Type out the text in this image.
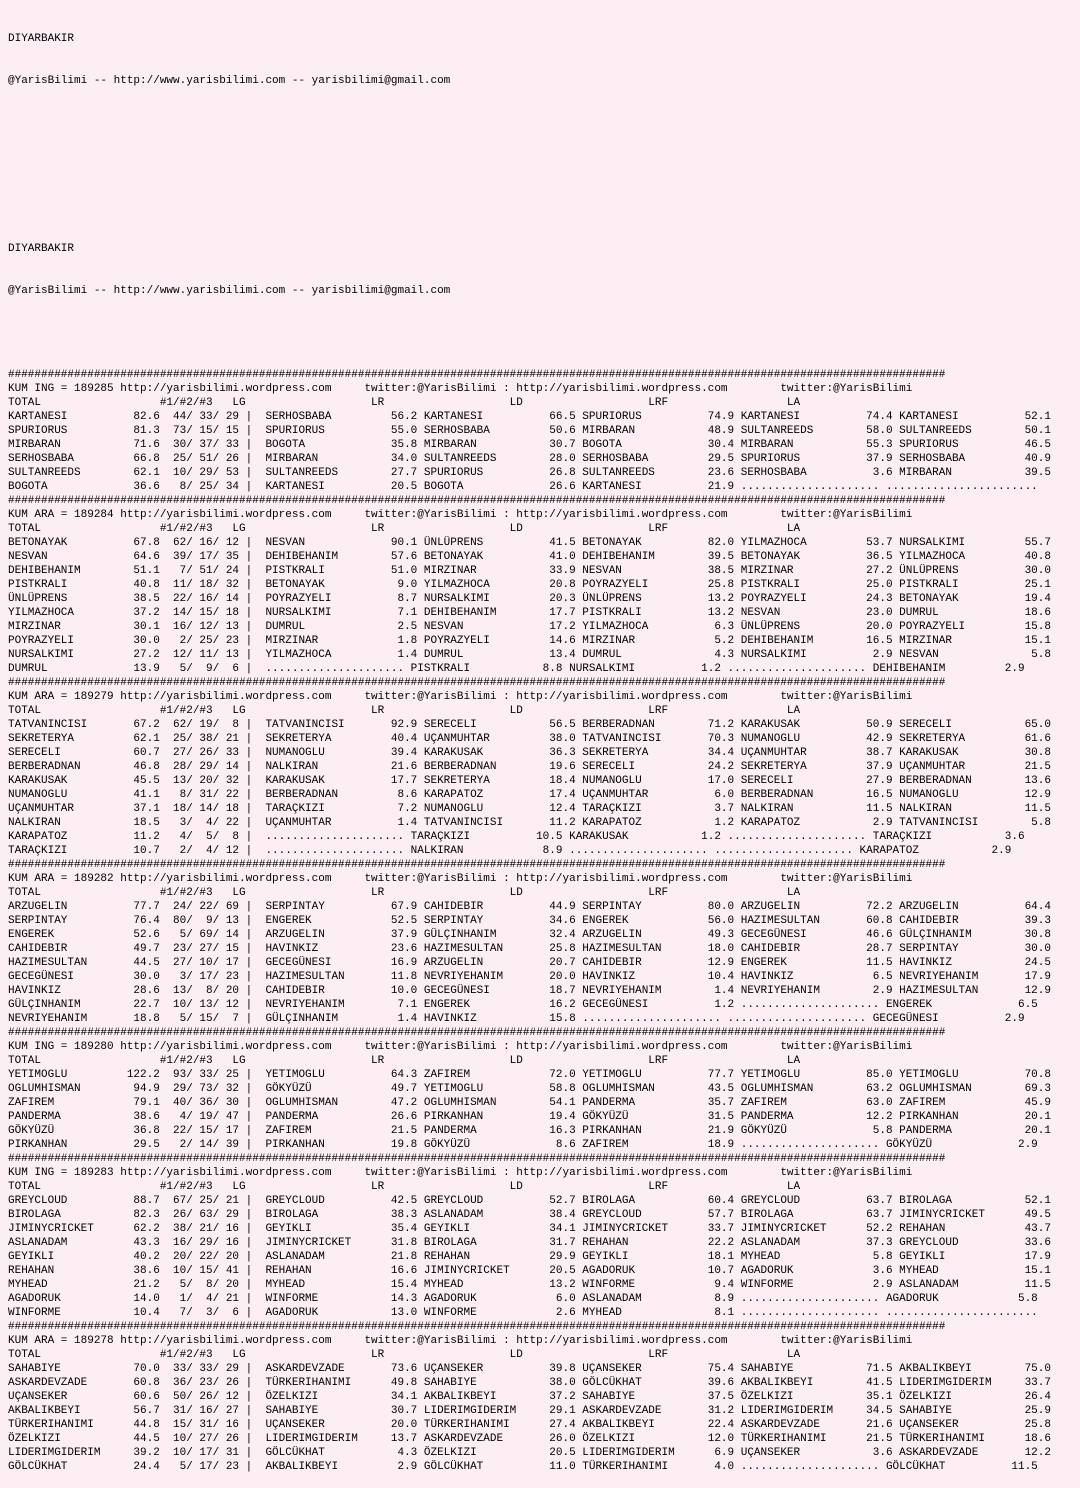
DIYARBAKIR

@YarisBilimi -- http://www.yarisbilimi.com -- yarisbilimi@gmail.com

DIYARBAKIR

@YarisBilimi -- http://www.yarisbilimi.com -- yarisbilimi@gmail.com

##############################################################################################################################################
KUM ING = 189285 http://yarisbilimi.wordpress.com     twitter:@YarisBilimi : http://yarisbilimi.wordpress.com        twitter:@YarisBilimi
TOTAL                  #1/#2/#3   LG                   LR                   LD                   LRF                  LA
KARTANESI          82.6  44/ 33/ 29 |  SERHOSBABA         56.2 KARTANESI          66.5 SPURIORUS          74.9 KARTANESI          74.4 KARTANESI          52.1
SPURIORUS          81.3  73/ 15/ 15 |  SPURIORUS          55.0 SERHOSBABA         50.6 MIRBARAN           48.9 SULTANREEDS        58.0 SULTANREEDS        50.1
MIRBARAN           71.6  30/ 37/ 33 |  BOGOTA             35.8 MIRBARAN           30.7 BOGOTA             30.4 MIRBARAN           55.3 SPURIORUS          46.5
SERHOSBABA         66.8  25/ 51/ 26 |  MIRBARAN           34.0 SULTANREEDS        28.0 SERHOSBABA         29.5 SPURIORUS          37.9 SERHOSBABA         40.9
SULTANREEDS        62.1  10/ 29/ 53 |  SULTANREEDS        27.7 SPURIORUS          26.8 SULTANREEDS        23.6 SERHOSBABA          3.6 MIRBARAN           39.5
BOGOTA             36.6   8/ 25/ 34 |  KARTANESI          20.5 BOGOTA             26.6 KARTANESI          21.9 ..................... .......................
##############################################################################################################################################
KUM ARA = 189284 http://yarisbilimi.wordpress.com     twitter:@YarisBilimi : http://yarisbilimi.wordpress.com        twitter:@YarisBilimi
TOTAL                  #1/#2/#3   LG                   LR                   LD                   LRF                  LA
BETONAYAK          67.8  62/ 16/ 12 |  NESVAN             90.1 ÜNLÜPRENS          41.5 BETONAYAK          82.0 YILMAZHOCA         53.7 NURSALKIMI         55.7
NESVAN             64.6  39/ 17/ 35 |  DEHIBEHANIM        57.6 BETONAYAK          41.0 DEHIBEHANIM        39.5 BETONAYAK          36.5 YILMAZHOCA         40.8
DEHIBEHANIM        51.1   7/ 51/ 24 |  PISTKRALI          51.0 MIRZINAR           33.9 NESVAN             38.5 MIRZINAR           27.2 ÜNLÜPRENS          30.0
PISTKRALI          40.8  11/ 18/ 32 |  BETONAYAK           9.0 YILMAZHOCA         20.8 POYRAZYELI         25.8 PISTKRALI          25.0 PISTKRALI          25.1
ÜNLÜPRENS          38.5  22/ 16/ 14 |  POYRAZYELI          8.7 NURSALKIMI         20.3 ÜNLÜPRENS          13.2 POYRAZYELI         24.3 BETONAYAK          19.4
YILMAZHOCA         37.2  14/ 15/ 18 |  NURSALKIMI          7.1 DEHIBEHANIM        17.7 PISTKRALI          13.2 NESVAN             23.0 DUMRUL             18.6
MIRZINAR           30.1  16/ 12/ 13 |  DUMRUL              2.5 NESVAN             17.2 YILMAZHOCA          6.3 ÜNLÜPRENS          20.0 POYRAZYELI         15.8
POYRAZYELI         30.0   2/ 25/ 23 |  MIRZINAR            1.8 POYRAZYELI         14.6 MIRZINAR            5.2 DEHIBEHANIM        16.5 MIRZINAR           15.1
NURSALKIMI         27.2  12/ 11/ 13 |  YILMAZHOCA          1.4 DUMRUL             13.4 DUMRUL              4.3 NURSALKIMI          2.9 NESVAN              5.8
DUMRUL             13.9   5/  9/  6 |  ..................... PISTKRALI           8.8 NURSALKIMI          1.2 ..................... DEHIBEHANIM         2.9
##############################################################################################################################################
KUM ARA = 189279 http://yarisbilimi.wordpress.com     twitter:@YarisBilimi : http://yarisbilimi.wordpress.com        twitter:@YarisBilimi
TOTAL                  #1/#2/#3   LG                   LR                   LD                   LRF                  LA
TATVANINCISI       67.2  62/ 19/  8 |  TATVANINCISI       92.9 SERECELI           56.5 BERBERADNAN        71.2 KARAKUSAK          50.9 SERECELI           65.0
SEKRETERYA         62.1  25/ 38/ 21 |  SEKRETERYA         40.4 UÇANMUHTAR         38.0 TATVANINCISI       70.3 NUMANOGLU          42.9 SEKRETERYA         61.6
SERECELI           60.7  27/ 26/ 33 |  NUMANOGLU          39.4 KARAKUSAK          36.3 SEKRETERYA         34.4 UÇANMUHTAR         38.7 KARAKUSAK          30.8
BERBERADNAN        46.8  28/ 29/ 14 |  NALKIRAN           21.6 BERBERADNAN        19.6 SERECELI           24.2 SEKRETERYA         37.9 UÇANMUHTAR         21.5
KARAKUSAK          45.5  13/ 20/ 32 |  KARAKUSAK          17.7 SEKRETERYA         18.4 NUMANOGLU          17.0 SERECELI           27.9 BERBERADNAN        13.6
NUMANOGLU          41.1   8/ 31/ 22 |  BERBERADNAN         8.6 KARAPATOZ          17.4 UÇANMUHTAR          6.0 BERBERADNAN        16.5 NUMANOGLU          12.9
UÇANMUHTAR         37.1  18/ 14/ 18 |  TARAÇKIZI           7.2 NUMANOGLU          12.4 TARAÇKIZI           3.7 NALKIRAN           11.5 NALKIRAN           11.5
NALKIRAN           18.5   3/  4/ 22 |  UÇANMUHTAR          1.4 TATVANINCISI       11.2 KARAPATOZ           1.2 KARAPATOZ           2.9 TATVANINCISI        5.8
KARAPATOZ          11.2   4/  5/  8 |  ..................... TARAÇKIZI          10.5 KARAKUSAK           1.2 ..................... TARAÇKIZI           3.6
TARAÇKIZI          10.7   2/  4/ 12 |  ..................... NALKIRAN            8.9 ..................... ..................... KARAPATOZ           2.9
##############################################################################################################################################
KUM ARA = 189282 http://yarisbilimi.wordpress.com     twitter:@YarisBilimi : http://yarisbilimi.wordpress.com        twitter:@YarisBilimi
TOTAL                  #1/#2/#3   LG                   LR                   LD                   LRF                  LA
ARZUGELIN          77.7  24/ 22/ 69 |  SERPINTAY          67.9 CAHIDEBIR          44.9 SERPINTAY          80.0 ARZUGELIN          72.2 ARZUGELIN          64.4
SERPINTAY          76.4  80/  9/ 13 |  ENGEREK            52.5 SERPINTAY          34.6 ENGEREK            56.0 HAZIMESULTAN       60.8 CAHIDEBIR          39.3
ENGEREK            52.6   5/ 69/ 14 |  ARZUGELIN          37.9 GÜLÇINHANIM        32.4 ARZUGELIN          49.3 GECEGÜNESI         46.6 GÜLÇINHANIM        30.8
CAHIDEBIR          49.7  23/ 27/ 15 |  HAVINKIZ           23.6 HAZIMESULTAN       25.8 HAZIMESULTAN       18.0 CAHIDEBIR          28.7 SERPINTAY          30.0
HAZIMESULTAN       44.5  27/ 10/ 17 |  GECEGÜNESI         16.9 ARZUGELIN          20.7 CAHIDEBIR          12.9 ENGEREK            11.5 HAVINKIZ           24.5
GECEGÜNESI         30.0   3/ 17/ 23 |  HAZIMESULTAN       11.8 NEVRIYEHANIM       20.0 HAVINKIZ           10.4 HAVINKIZ            6.5 NEVRIYEHANIM       17.9
HAVINKIZ           28.6  13/  8/ 20 |  CAHIDEBIR          10.0 GECEGÜNESI         18.7 NEVRIYEHANIM        1.4 NEVRIYEHANIM        2.9 HAZIMESULTAN       12.9
GÜLÇINHANIM        22.7  10/ 13/ 12 |  NEVRIYEHANIM        7.1 ENGEREK            16.2 GECEGÜNESI          1.2 ..................... ENGEREK             6.5
NEVRIYEHANIM       18.8   5/ 15/  7 |  GÜLÇINHANIM         1.4 HAVINKIZ           15.8 ..................... ..................... GECEGÜNESI          2.9
##############################################################################################################################################
KUM ING = 189280 http://yarisbilimi.wordpress.com     twitter:@YarisBilimi : http://yarisbilimi.wordpress.com        twitter:@YarisBilimi
TOTAL                  #1/#2/#3   LG                   LR                   LD                   LRF                  LA
YETIMOGLU         122.2  93/ 33/ 25 |  YETIMOGLU          64.3 ZAFIREM            72.0 YETIMOGLU          77.7 YETIMOGLU          85.0 YETIMOGLU          70.8
OGLUMHISMAN        94.9  29/ 73/ 32 |  GÖKYÜZÜ            49.7 YETIMOGLU          58.8 OGLUMHISMAN        43.5 OGLUMHISMAN        63.2 OGLUMHISMAN        69.3
ZAFIREM            79.1  40/ 36/ 30 |  OGLUMHISMAN        47.2 OGLUMHISMAN        54.1 PANDERMA           35.7 ZAFIREM            63.0 ZAFIREM            45.9
PANDERMA           38.6   4/ 19/ 47 |  PANDERMA           26.6 PIRKANHAN          19.4 GÖKYÜZÜ            31.5 PANDERMA           12.2 PIRKANHAN          20.1
GÖKYÜZÜ            36.8  22/ 15/ 17 |  ZAFIREM            21.5 PANDERMA           16.3 PIRKANHAN          21.9 GÖKYÜZÜ             5.8 PANDERMA           20.1
PIRKANHAN          29.5   2/ 14/ 39 |  PIRKANHAN          19.8 GÖKYÜZÜ             8.6 ZAFIREM            18.9 ..................... GÖKYÜZÜ             2.9
##############################################################################################################################################
KUM ING = 189283 http://yarisbilimi.wordpress.com     twitter:@YarisBilimi : http://yarisbilimi.wordpress.com        twitter:@YarisBilimi
TOTAL                  #1/#2/#3   LG                   LR                   LD                   LRF                  LA
GREYCLOUD          88.7  67/ 25/ 21 |  GREYCLOUD          42.5 GREYCLOUD          52.7 BIROLAGA           60.4 GREYCLOUD          63.7 BIROLAGA           52.1
BIROLAGA           82.3  26/ 63/ 29 |  BIROLAGA           38.3 ASLANADAM          38.4 GREYCLOUD          57.7 BIROLAGA           63.7 JIMINYCRICKET      49.5
JIMINYCRICKET      62.2  38/ 21/ 16 |  GEYIKLI            35.4 GEYIKLI            34.1 JIMINYCRICKET      33.7 JIMINYCRICKET      52.2 REHAHAN            43.7
ASLANADAM          43.3  16/ 29/ 16 |  JIMINYCRICKET      31.8 BIROLAGA           31.7 REHAHAN            22.2 ASLANADAM          37.3 GREYCLOUD          33.6
GEYIKLI            40.2  20/ 22/ 20 |  ASLANADAM          21.8 REHAHAN            29.9 GEYIKLI            18.1 MYHEAD              5.8 GEYIKLI            17.9
REHAHAN            38.6  10/ 15/ 41 |  REHAHAN            16.6 JIMINYCRICKET      20.5 AGADORUK           10.7 AGADORUK            3.6 MYHEAD             15.1
MYHEAD             21.2   5/  8/ 20 |  MYHEAD             15.4 MYHEAD             13.2 WINFORME            9.4 WINFORME            2.9 ASLANADAM          11.5
AGADORUK           14.0   1/  4/ 21 |  WINFORME           14.3 AGADORUK            6.0 ASLANADAM           8.9 ..................... AGADORUK            5.8
WINFORME           10.4   7/  3/  6 |  AGADORUK           13.0 WINFORME            2.6 MYHEAD              8.1 ..................... .......................
##############################################################################################################################################
KUM ARA = 189278 http://yarisbilimi.wordpress.com     twitter:@YarisBilimi : http://yarisbilimi.wordpress.com        twitter:@YarisBilimi
TOTAL                  #1/#2/#3   LG                   LR                   LD                   LRF                  LA
SAHABIYE           70.0  33/ 33/ 29 |  ASKARDEVZADE       73.6 UÇANSEKER          39.8 UÇANSEKER          75.4 SAHABIYE           71.5 AKBALIKBEYI        75.0
ASKARDEVZADE       60.8  36/ 23/ 26 |  TÜRKERIHANIMI      49.8 SAHABIYE           38.0 GÖLCÜKHAT          39.6 AKBALIKBEYI        41.5 LIDERIMGIDERIM     33.7
UÇANSEKER          60.6  50/ 26/ 12 |  ÖZELKIZI           34.1 AKBALIKBEYI        37.2 SAHABIYE           37.5 ÖZELKIZI           35.1 ÖZELKIZI           26.4
AKBALIKBEYI        56.7  31/ 16/ 27 |  SAHABIYE           30.7 LIDERIMGIDERIM     29.1 ASKARDEVZADE       31.2 LIDERIMGIDERIM     34.5 SAHABIYE           25.9
TÜRKERIHANIMI      44.8  15/ 31/ 16 |  UÇANSEKER          20.0 TÜRKERIHANIMI      27.4 AKBALIKBEYI        22.4 ASKARDEVZADE       21.6 UÇANSEKER          25.8
ÖZELKIZI           44.5  10/ 27/ 26 |  LIDERIMGIDERIM     13.7 ASKARDEVZADE       26.0 ÖZELKIZI           12.0 TÜRKERIHANIMI      21.5 TÜRKERIHANIMI      18.6
LIDERIMGIDERIM     39.2  10/ 17/ 31 |  GÖLCÜKHAT           4.3 ÖZELKIZI           20.5 LIDERIMGIDERIM      6.9 UÇANSEKER           3.6 ASKARDEVZADE       12.2
GÖLCÜKHAT          24.4   5/ 17/ 23 |  AKBALIKBEYI         2.9 GÖLCÜKHAT          11.0 TÜRKERIHANIMI       4.0 ..................... GÖLCÜKHAT          11.5
